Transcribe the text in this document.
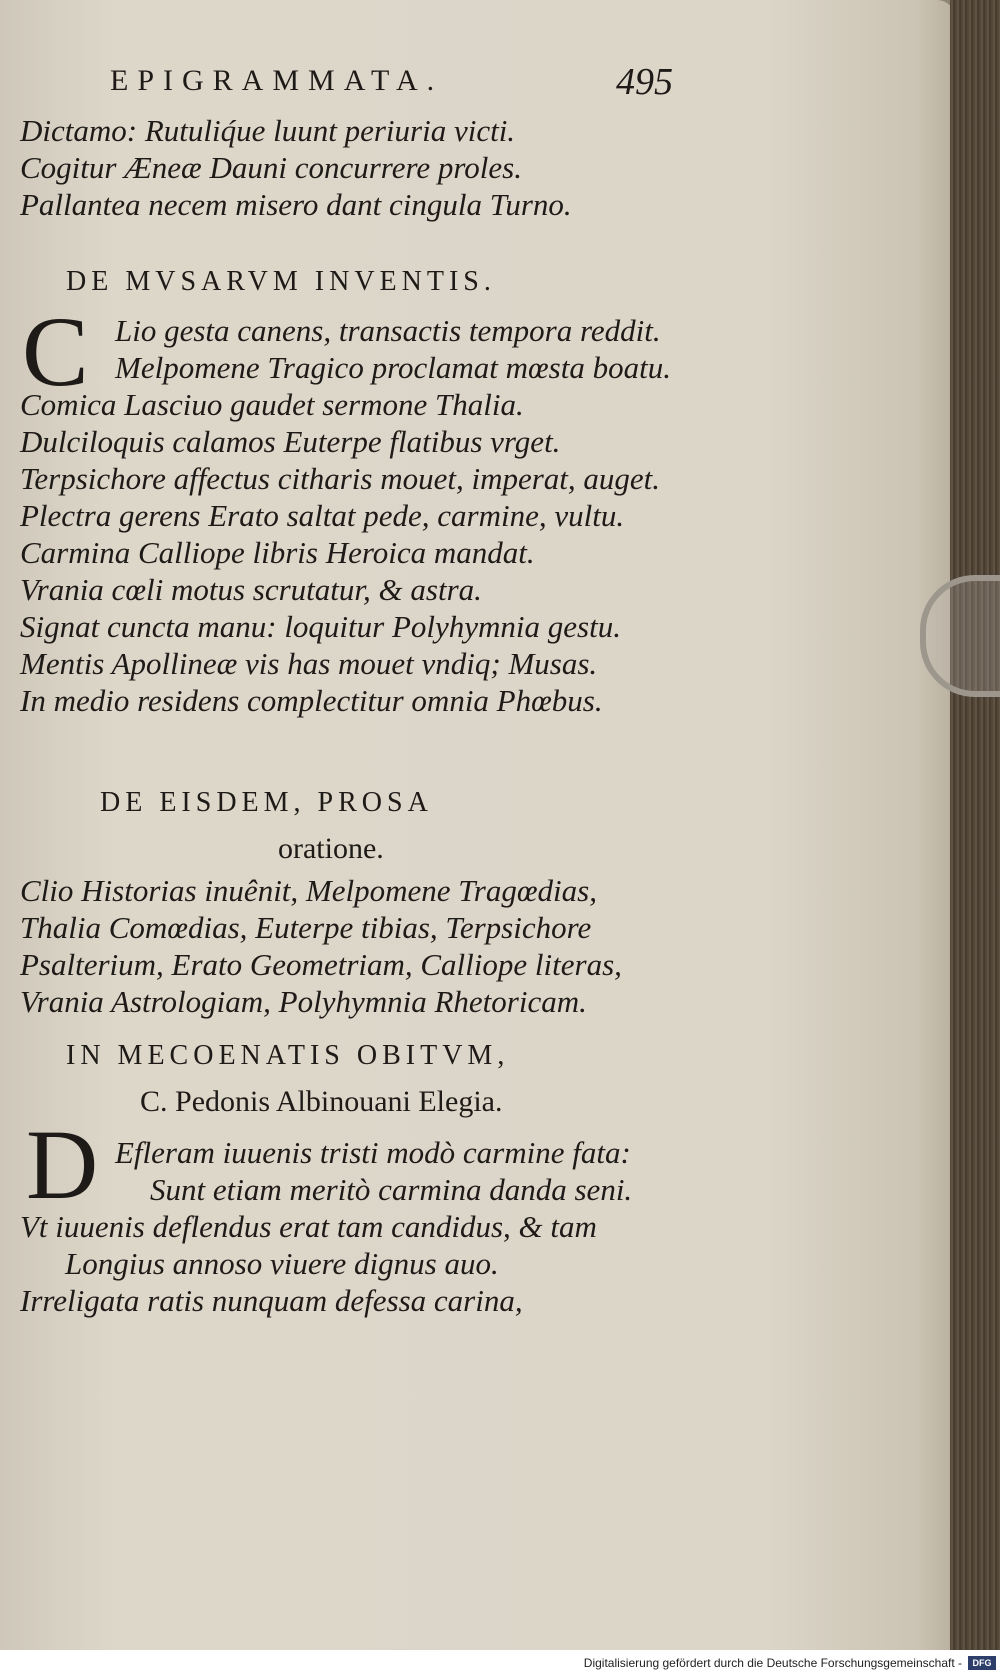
EPIGRAMMATA.	495
Dictamo: Rutuliq́ue luunt periuria victi.
Cogitur Æneæ Dauni concurrere proles.
Pallantea necem misero dant cingula Turno.
DE MVSARVM INVENTIS.
C Lio gesta canens, transactis tempora reddit.
Melpomene Tragico proclamat mœsta boatu.
Comica Lasciuo gaudet sermone Thalia.
Dulciloquis calamos Euterpe flatibus vrget.
Terpsichore affectus citharis mouet, imperat, auget.
Plectra gerens Erato saltat pede, carmine, vultu.
Carmina Calliope libris Heroica mandat.
Vrania cœli motus scrutatur, & astra.
Signat cuncta manu: loquitur Polyhymnia gestu.
Mentis Apollineæ vis has mouet vndiq; Musas.
In medio residens complectitur omnia Phœbus.
DE EISDEM, PROSA
oratione.
Clio Historias inuênit, Melpomene Tragœdias,
Thalia Comœdias, Euterpe tibias, Terpsichore
Psalterium, Erato Geometriam, Calliope literas,
Vrania Astrologiam, Polyhymnia Rhetoricam.
IN MECOENATIS OBITVM,
C. Pedonis Albinouani Elegia.
D Efleram iuuenis tristi modò carmine fata:
Sunt etiam meritò carmina danda seni.
Vt iuuenis deflendus erat tam candidus, & tam
Longius annoso viuere dignus auo.
Irreligata ratis nunquam defessa carina,
Digitalisierung gefördert durch die Deutsche Forschungsgemeinschaft -	DFG
